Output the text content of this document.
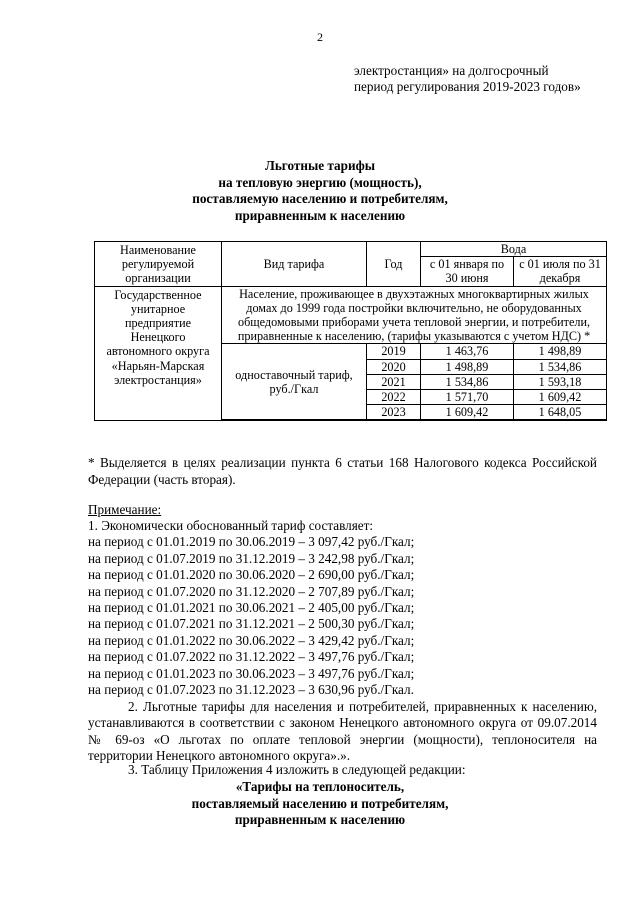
2
электростанция» на долгосрочный
период регулирования 2019-2023 годов»
Льготные тарифы
на тепловую энергию (мощность),
поставляемую населению и потребителям,
приравненным к населению
Наименование регулируемой организации	Вид тарифа	Год	Вода	
			с 01 января по 30 июня	с 01 июля по 31 декабря
Государственное унитарное предприятие Ненецкого автономного округа «Нарьян-Марская электростанция»	Население, проживающее в двухэтажных многоквартирных жилых домах до 1999 года постройки включительно, не оборудованных общедомовыми приборами учета тепловой энергии, и потребители, приравненные к населению, (тарифы указываются с учетом НДС) *			
	одноставочный тариф, руб./Гкал	2019	1 463,76	1 498,89
		2020	1 498,89	1 534,86
		2021	1 534,86	1 593,18
		2022	1 571,70	1 609,42
		2023	1 609,42	1 648,05

* Выделяется в целях реализации пункта 6 статьи 168 Налогового кодекса Российской Федерации (часть вторая).
Примечание:
1. Экономически обоснованный тариф составляет:
на период с 01.01.2019 по 30.06.2019 – 3 097,42 руб./Гкал;
на период с 01.07.2019 по 31.12.2019 – 3 242,98 руб./Гкал;
на период с 01.01.2020 по 30.06.2020 – 2 690,00 руб./Гкал;
на период с 01.07.2020 по 31.12.2020 – 2 707,89 руб./Гкал;
на период с 01.01.2021 по 30.06.2021 – 2 405,00 руб./Гкал;
на период с 01.07.2021 по 31.12.2021 – 2 500,30 руб./Гкал;
на период с 01.01.2022 по 30.06.2022 – 3 429,42 руб./Гкал;
на период с 01.07.2022 по 31.12.2022 – 3 497,76 руб./Гкал;
на период с 01.01.2023 по 30.06.2023 – 3 497,76 руб./Гкал;
на период с 01.07.2023 по 31.12.2023 – 3 630,96 руб./Гкал.
2. Льготные тарифы для населения и потребителей, приравненных к населению, устанавливаются в соответствии с законом Ненецкого автономного округа от 09.07.2014 № 69-оз «О льготах по оплате тепловой энергии (мощности), теплоносителя на территории Ненецкого автономного округа».».
3. Таблицу Приложения 4 изложить в следующей редакции:
«Тарифы на теплоноситель,
поставляемый населению и потребителям,
приравненным к населению
